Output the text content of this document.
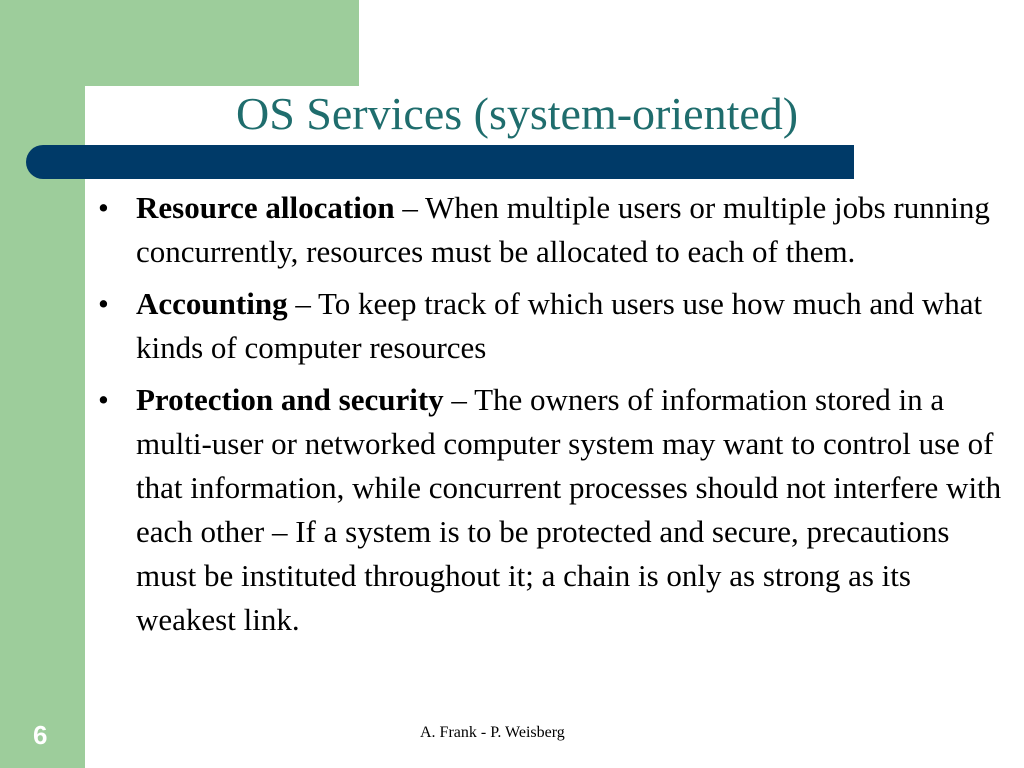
OS Services (system-oriented)
• Resource allocation – When multiple users or multiple jobs running concurrently, resources must be allocated to each of them.
• Accounting – To keep track of which users use how much and what kinds of computer resources
• Protection and security – The owners of information stored in a multi-user or networked computer system may want to control use of that information, while concurrent processes should not interfere with each other – If a system is to be protected and secure, precautions must be instituted throughout it; a chain is only as strong as its weakest link.
6	A. Frank - P. Weisberg
